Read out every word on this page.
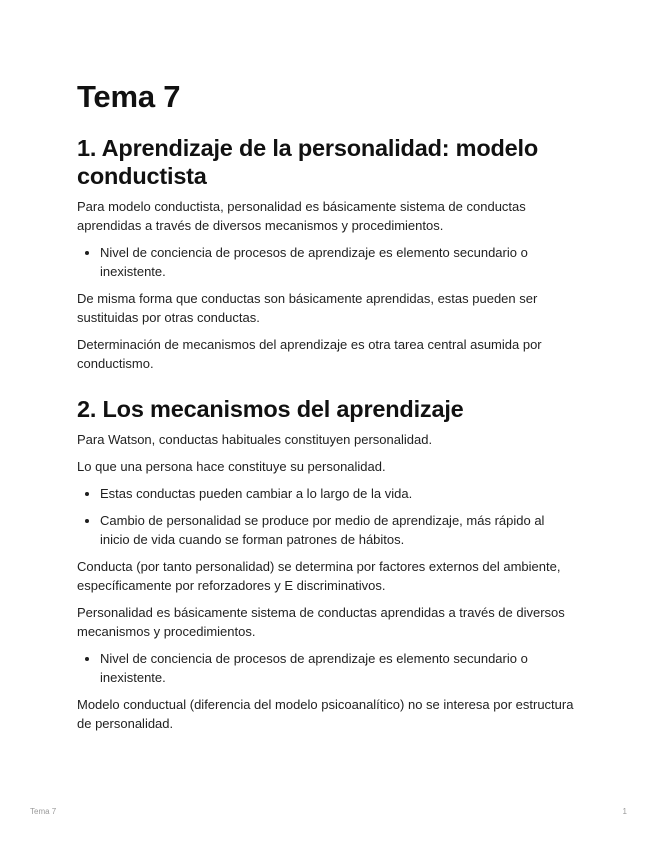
Tema 7
1. Aprendizaje de la personalidad: modelo conductista

Para modelo conductista, personalidad es básicamente sistema de conductas aprendidas a través de diversos mecanismos y procedimientos.

• Nivel de conciencia de procesos de aprendizaje es elemento secundario o inexistente.

De misma forma que conductas son básicamente aprendidas, estas pueden ser sustituidas por otras conductas.

Determinación de mecanismos del aprendizaje es otra tarea central asumida por conductismo.

2. Los mecanismos del aprendizaje

Para Watson, conductas habituales constituyen personalidad.

Lo que una persona hace constituye su personalidad.

• Estas conductas pueden cambiar a lo largo de la vida.
• Cambio de personalidad se produce por medio de aprendizaje, más rápido al inicio de vida cuando se forman patrones de hábitos.

Conducta (por tanto personalidad) se determina por factores externos del ambiente, específicamente por reforzadores y E discriminativos.

Personalidad es básicamente sistema de conductas aprendidas a través de diversos mecanismos y procedimientos.

• Nivel de conciencia de procesos de aprendizaje es elemento secundario o inexistente.

Modelo conductual (diferencia del modelo psicoanalítico) no se interesa por estructura de personalidad.

Tema 7	1
